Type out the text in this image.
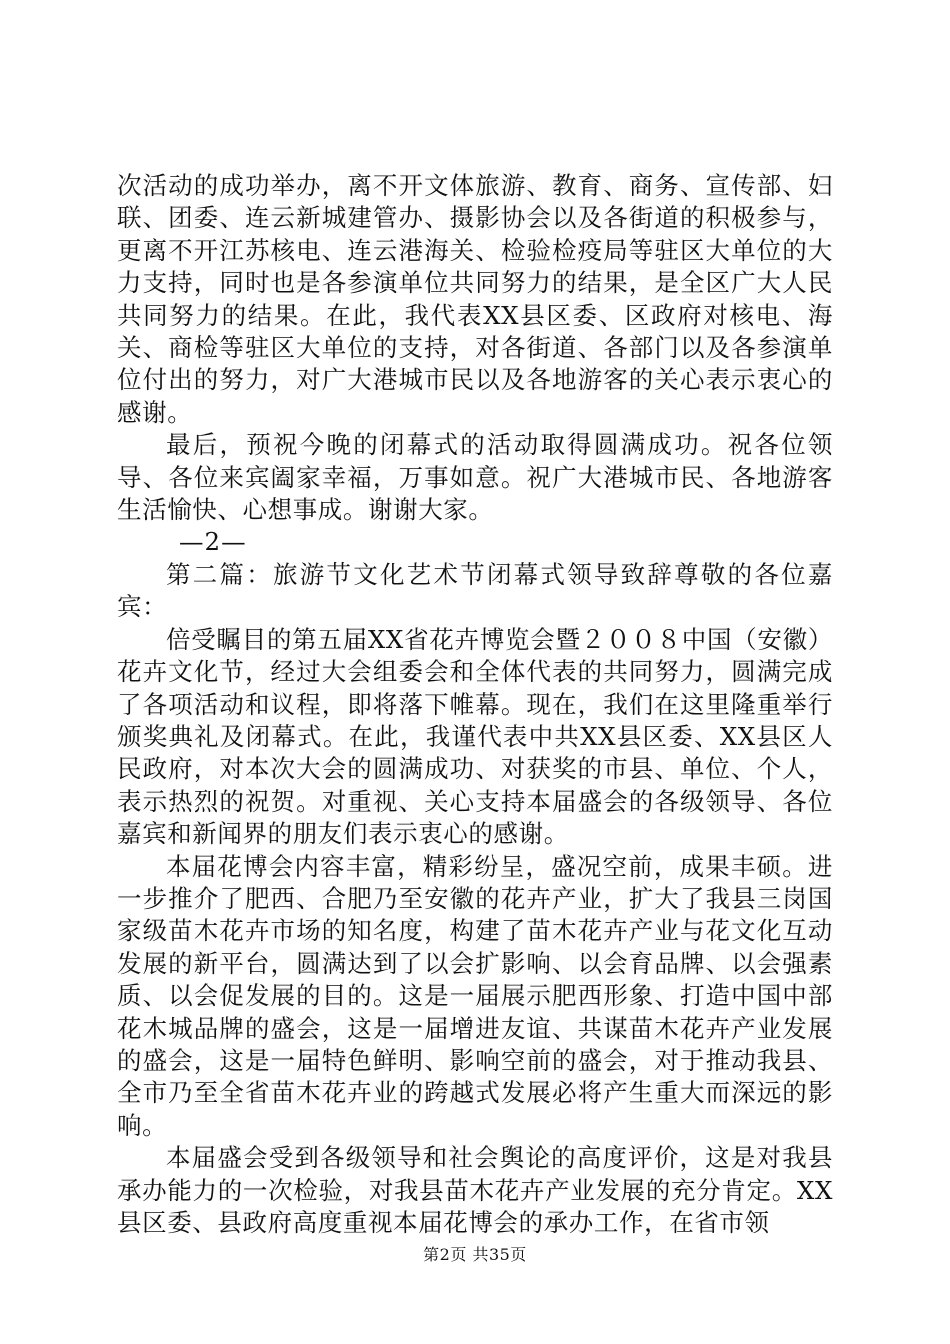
次活动的成功举办，离不开文体旅游、教育、商务、宣传部、妇联、团委、连云新城建管办、摄影协会以及各街道的积极参与，更离不开江苏核电、连云港海关、检验检疫局等驻区大单位的大力支持，同时也是各参演单位共同努力的结果，是全区广大人民共同努力的结果。在此，我代表XX县区委、区政府对核电、海关、商检等驻区大单位的支持，对各街道、各部门以及各参演单位付出的努力，对广大港城市民以及各地游客的关心表示衷心的感谢。

最后，预祝今晚的闭幕式的活动取得圆满成功。祝各位领导、各位来宾阖家幸福，万事如意。祝广大港城市民、各地游客生活愉快、心想事成。谢谢大家。

—2—

第二篇：旅游节文化艺术节闭幕式领导致辞尊敬的各位嘉宾：

倍受瞩目的第五届XX省花卉博览会暨２００８中国（安徽）花卉文化节，经过大会组委会和全体代表的共同努力，圆满完成了各项活动和议程，即将落下帷幕。现在，我们在这里隆重举行颁奖典礼及闭幕式。在此，我谨代表中共XX县区委、XX县区人民政府，对本次大会的圆满成功、对获奖的市县、单位、个人，表示热烈的祝贺。对重视、关心支持本届盛会的各级领导、各位嘉宾和新闻界的朋友们表示衷心的感谢。

本届花博会内容丰富，精彩纷呈，盛况空前，成果丰硕。进一步推介了肥西、合肥乃至安徽的花卉产业，扩大了我县三岗国家级苗木花卉市场的知名度，构建了苗木花卉产业与花文化互动发展的新平台，圆满达到了以会扩影响、以会育品牌、以会强素质、以会促发展的目的。这是一届展示肥西形象、打造中国中部花木城品牌的盛会，这是一届增进友谊、共谋苗木花卉产业发展的盛会，这是一届特色鲜明、影响空前的盛会，对于推动我县、全市乃至全省苗木花卉业的跨越式发展必将产生重大而深远的影响。

本届盛会受到各级领导和社会舆论的高度评价，这是对我县承办能力的一次检验，对我县苗木花卉产业发展的充分肯定。XX县区委、县政府高度重视本届花博会的承办工作，在省市领

第2页 共35页
